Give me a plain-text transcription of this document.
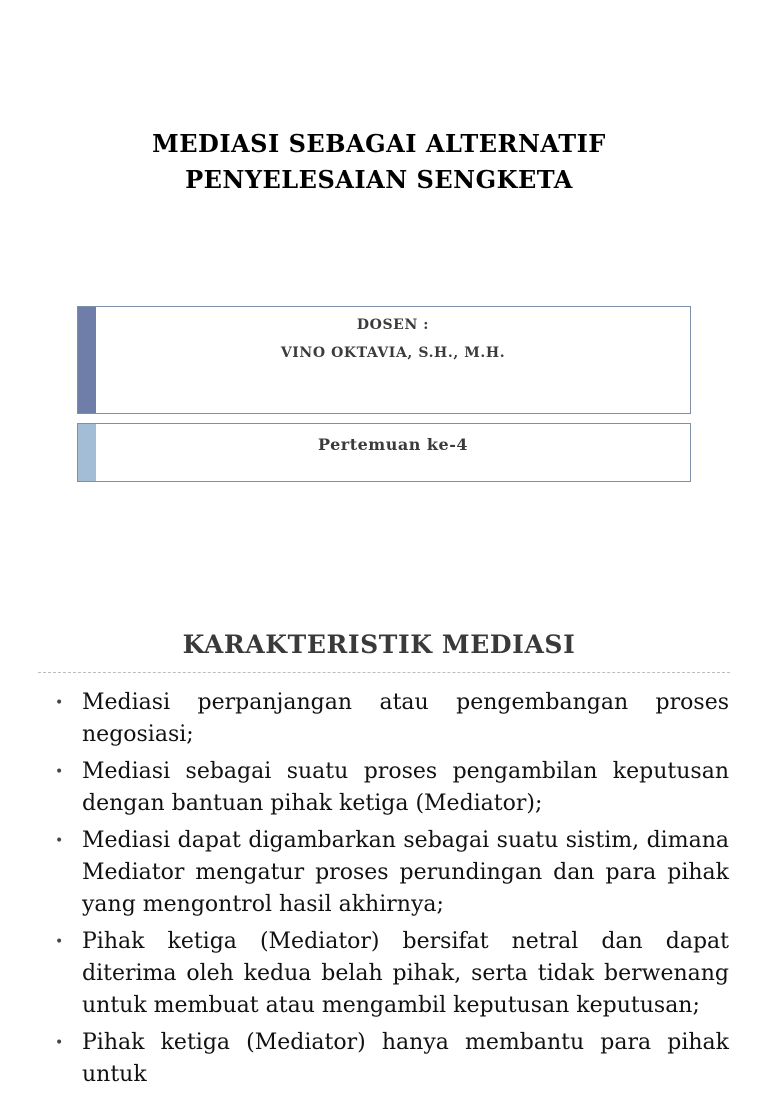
MEDIASI SEBAGAI ALTERNATIF
PENYELESAIAN SENGKETA
DOSEN :
VINO OKTAVIA, S.H., M.H.
Pertemuan ke-4
KARAKTERISTIK MEDIASI
• Mediasi perpanjangan atau pengembangan proses negosiasi;
• Mediasi sebagai suatu proses pengambilan keputusan dengan bantuan pihak ketiga (Mediator);
• Mediasi dapat digambarkan sebagai suatu sistim, dimana Mediator mengatur proses perundingan dan para pihak yang mengontrol hasil akhirnya;
• Pihak ketiga (Mediator) bersifat netral dan dapat diterima oleh kedua belah pihak, serta tidak berwenang untuk membuat atau mengambil keputusan keputusan;
• Pihak ketiga (Mediator) hanya membantu para pihak untuk
